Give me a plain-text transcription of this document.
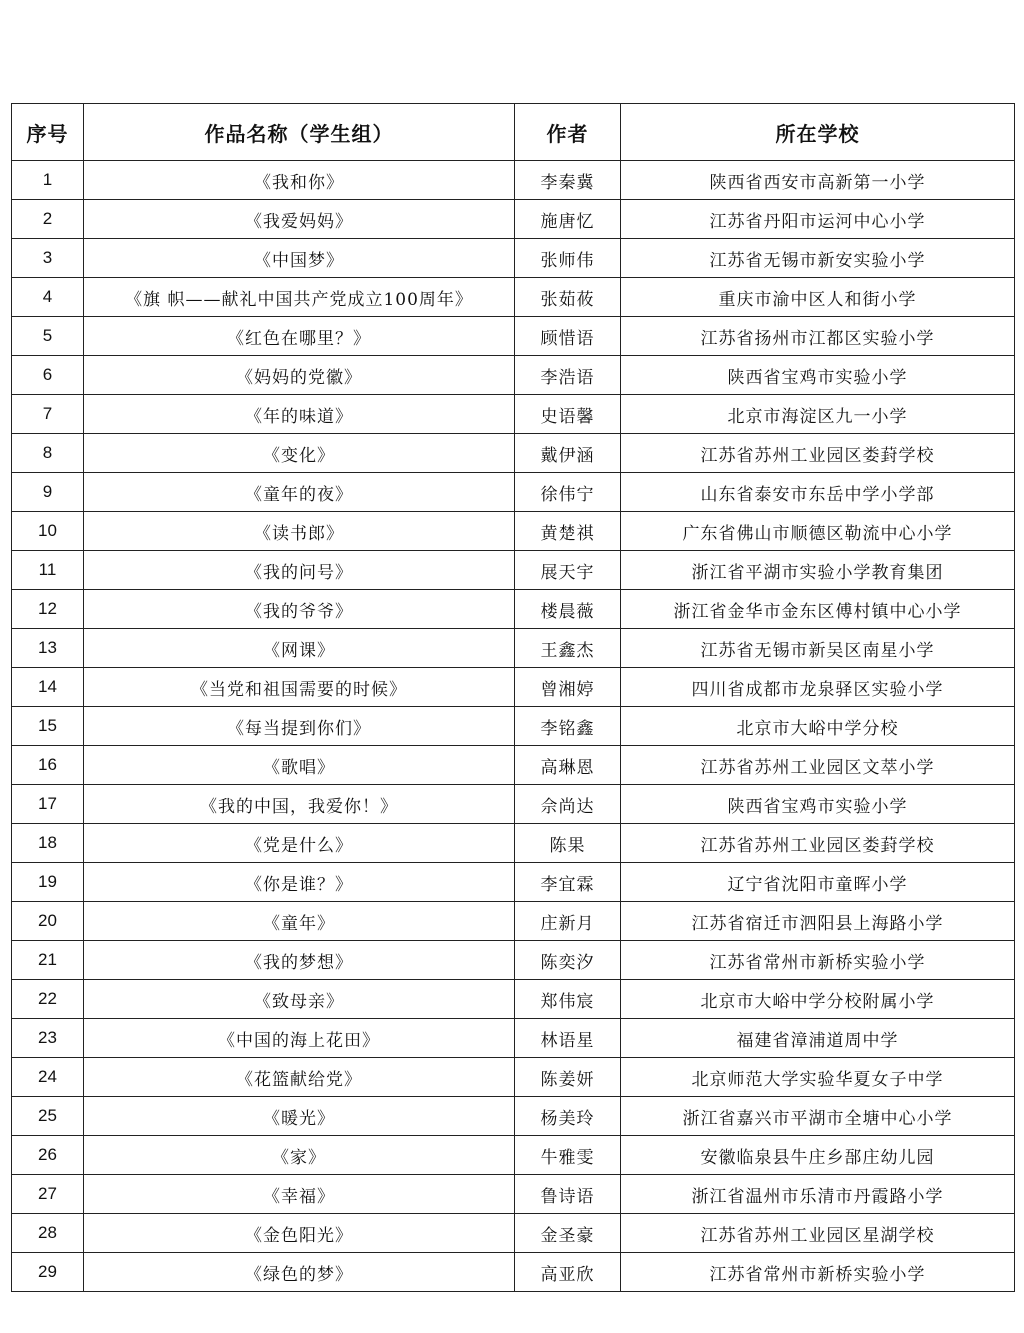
序号	作品名称（学生组）	作者	所在学校
1	《我和你》	李秦冀	陕西省西安市高新第一小学
2	《我爱妈妈》	施唐忆	江苏省丹阳市运河中心小学
3	《中国梦》	张师伟	江苏省无锡市新安实验小学
4	《旗 帜——献礼中国共产党成立100周年》	张茹莜	重庆市渝中区人和街小学
5	《红色在哪里？》	顾惜语	江苏省扬州市江都区实验小学
6	《妈妈的党徽》	李浩语	陕西省宝鸡市实验小学
7	《年的味道》	史语馨	北京市海淀区九一小学
8	《变化》	戴伊涵	江苏省苏州工业园区娄葑学校
9	《童年的夜》	徐伟宁	山东省泰安市东岳中学小学部
10	《读书郎》	黄楚祺	广东省佛山市顺德区勒流中心小学
11	《我的问号》	展天宇	浙江省平湖市实验小学教育集团
12	《我的爷爷》	楼晨薇	浙江省金华市金东区傅村镇中心小学
13	《网课》	王鑫杰	江苏省无锡市新吴区南星小学
14	《当党和祖国需要的时候》	曾湘婷	四川省成都市龙泉驿区实验小学
15	《每当提到你们》	李铭鑫	北京市大峪中学分校
16	《歌唱》	高琳恩	江苏省苏州工业园区文萃小学
17	《我的中国，我爱你！》	佘尚达	陕西省宝鸡市实验小学
18	《党是什么》	陈果	江苏省苏州工业园区娄葑学校
19	《你是谁？》	李宜霖	辽宁省沈阳市童晖小学
20	《童年》	庄新月	江苏省宿迁市泗阳县上海路小学
21	《我的梦想》	陈奕汐	江苏省常州市新桥实验小学
22	《致母亲》	郑伟宸	北京市大峪中学分校附属小学
23	《中国的海上花田》	林语星	福建省漳浦道周中学
24	《花篮献给党》	陈姜妍	北京师范大学实验华夏女子中学
25	《暖光》	杨美玲	浙江省嘉兴市平湖市全塘中心小学
26	《家》	牛雅雯	安徽临泉县牛庄乡郚庄幼儿园
27	《幸福》	鲁诗语	浙江省温州市乐清市丹霞路小学
28	《金色阳光》	金圣豪	江苏省苏州工业园区星湖学校
29	《绿色的梦》	高亚欣	江苏省常州市新桥实验小学
